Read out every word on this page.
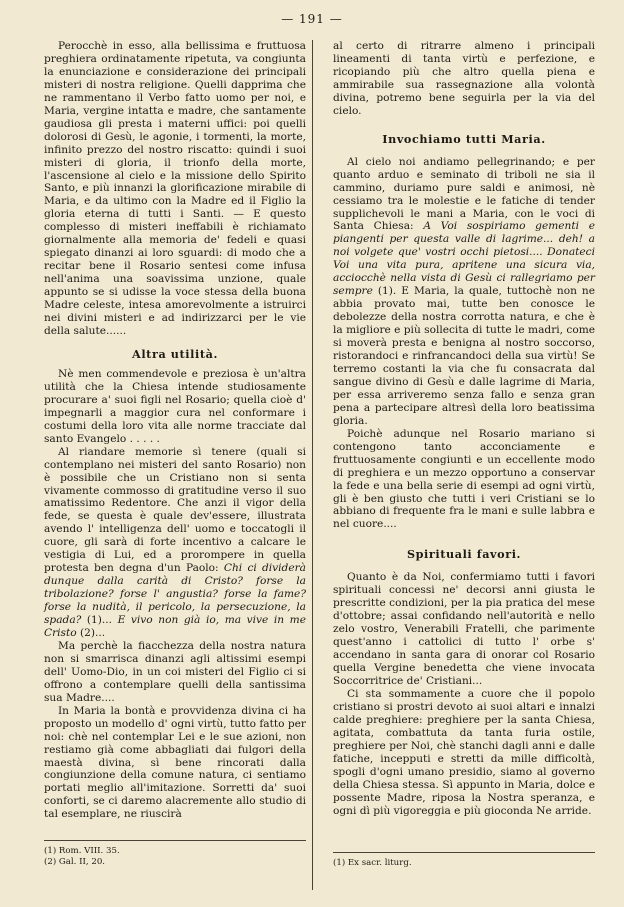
— 191 —

Perocchè in esso, alla bellissima e fruttuosa preghiera ordinatamente ripetuta, va congiunta la enunciazione e considerazione dei principali misteri di nostra religione. Quelli dapprima che ne rammentano il Verbo fatto uomo per noi, e Maria, vergine intatta e madre, che santamente gaudiosa gli presta i materni uffici: poi quelli dolorosi di Gesù, le agonie, i tormenti, la morte, infinito prezzo del nostro riscatto: quindi i suoi misteri di gloria, il trionfo della morte, l'ascensione al cielo e la missione dello Spirito Santo, e più innanzi la glorificazione mirabile di Maria, e da ultimo con la Madre ed il Figlio la gloria eterna di tutti i Santi. — E questo complesso di misteri ineffabili è richiamato giornalmente alla memoria de' fedeli e quasi spiegato dinanzi ai loro sguardi: di modo che a recitar bene il Rosario sentesi come infusa nell'anima una soavissima unzione, quale appunto se si udisse la voce stessa della buona Madre celeste, intesa amorevolmente a istruirci nei divini misteri e ad indirizzarci per le vie della salute......

Altra utilità.

Nè men commendevole e preziosa è un'altra utilità che la Chiesa intende studiosamente procurare a' suoi figli nel Rosario; quella cioè d' impegnarli a maggior cura nel conformare i costumi della loro vita alle norme tracciate dal santo Evangelo . . . . .

Al riandare memorie sì tenere (quali si contemplano nei misteri del santo Rosario) non è possibile che un Cristiano non si senta vivamente commosso di gratitudine verso il suo amatissimo Redentore. Che anzi il vigor della fede, se questa è quale dev'essere, illustrata avendo l' intelligenza dell' uomo e toccatogli il cuore, gli sarà di forte incentivo a calcare le vestigia di Lui, ed a prorompere in quella protesta ben degna d'un Paolo: Chi ci dividerà dunque dalla carità di Cristo? forse la tribolazione? forse l' angustia? forse la fame? forse la nudità, il pericolo, la persecuzione, la spada? (1)... E vivo non già io, ma vive in me Cristo (2)...

Ma perchè la fiacchezza della nostra natura non si smarrisca dinanzi agli altissimi esempi dell' Uomo-Dio, in un coi misteri del Figlio ci si offrono a contemplare quelli della santissima sua Madre....

In Maria la bontà e provvidenza divina ci ha proposto un modello d' ogni virtù, tutto fatto per noi: chè nel contemplar Lei e le sue azioni, non restiamo già come abbagliati dai fulgori della maestà divina, sì bene rincorati dalla congiunzione della comune natura, ci sentiamo portati meglio all'imitazione. Sorretti da' suoi conforti, se ci daremo alacremente allo studio di tal esemplare, ne riuscirà

(1) Rom. VIII. 35.
(2) Gal. II, 20.

al certo di ritrarre almeno i principali lineamenti di tanta virtù e perfezione, e ricopiando più che altro quella piena e ammirabile sua rassegnazione alla volontà divina, potremo bene seguirla per la via del cielo.

Invochiamo tutti Maria.

Al cielo noi andiamo pellegrinando; e per quanto arduo e seminato di triboli ne sia il cammino, duriamo pure saldi e animosi, nè cessiamo tra le molestie e le fatiche di tender supplichevoli le mani a Maria, con le voci di Santa Chiesa: A Voi sospiriamo gementi e piangenti per questa valle di lagrime... deh! a noi volgete que' vostri occhi pietosi.... Donateci Voi una vita pura, apritene una sicura via, acciocchè nella vista di Gesù ci rallegriamo per sempre (1). E Maria, la quale, tuttochè non ne abbia provato mai, tutte ben conosce le debolezze della nostra corrotta natura, e che è la migliore e più sollecita di tutte le madri, come si moverà presta e benigna al nostro soccorso, ristorandoci e rinfrancandoci della sua virtù! Se terremo costanti la via che fu consacrata dal sangue divino di Gesù e dalle lagrime di Maria, per essa arriveremo senza fallo e senza gran pena a partecipare altresì della loro beatissima gloria.

Poichè adunque nel Rosario mariano si contengono tanto acconciamente e fruttuosamente congiunti e un eccellente modo di preghiera e un mezzo opportuno a conservar la fede e una bella serie di esempi ad ogni virtù, gli è ben giusto che tutti i veri Cristiani se lo abbiano di frequente fra le mani e sulle labbra e nel cuore....

Spirituali favori.

Quanto è da Noi, confermiamo tutti i favori spirituali concessi ne' decorsi anni giusta le prescritte condizioni, per la pia pratica del mese d'ottobre; assai confidando nell'autorità e nello zelo vostro, Venerabili Fratelli, che parimente quest'anno i cattolici di tutto l' orbe s' accendano in santa gara di onorar col Rosario quella Vergine benedetta che viene invocata Soccorritrice de' Cristiani...

Ci sta sommamente a cuore che il popolo cristiano si prostri devoto ai suoi altari e innalzi calde preghiere: preghiere per la santa Chiesa, agitata, combattuta da tanta furia ostile, preghiere per Noi, chè stanchi dagli anni e dalle fatiche, incepputi e stretti da mille difficoltà, spogli d'ogni umano presidio, siamo al governo della Chiesa stessa. Sì appunto in Maria, dolce e possente Madre, riposa la Nostra speranza, e ogni dì più vigoreggia e più gioconda Ne arride.

(1) Ex sacr. liturg.
